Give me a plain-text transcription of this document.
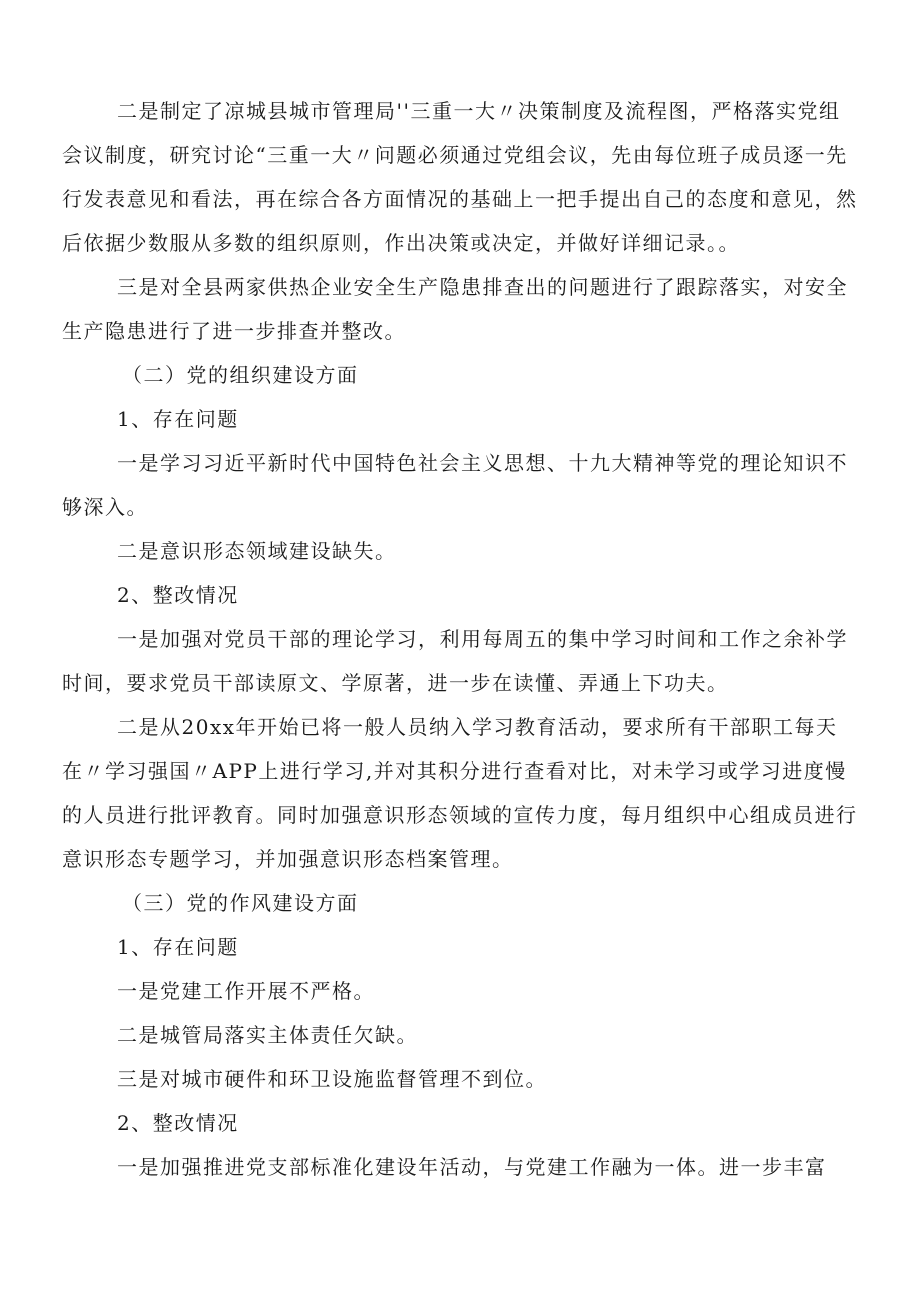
二是制定了凉城县城市管理局''三重一大〃决策制度及流程图，严格落实党组
会议制度，研究讨论“三重一大〃问题必须通过党组会议，先由每位班子成员逐一先
行发表意见和看法，再在综合各方面情况的基础上一把手提出自己的态度和意见，然
后依据少数服从多数的组织原则，作出决策或决定，并做好详细记录。。
三是对全县两家供热企业安全生产隐患排查出的问题进行了跟踪落实，对安全
生产隐患进行了进一步排查并整改。
（二）党的组织建设方面
1、存在问题
一是学习习近平新时代中国特色社会主义思想、十九大精神等党的理论知识不
够深入。
二是意识形态领域建设缺失。
2、整改情况
一是加强对党员干部的理论学习，利用每周五的集中学习时间和工作之余补学
时间，要求党员干部读原文、学原著，进一步在读懂、弄通上下功夫。
二是从20xx年开始已将一般人员纳入学习教育活动，要求所有干部职工每天
在〃学习强国〃APP上进行学习,并对其积分进行查看对比，对未学习或学习进度慢
的人员进行批评教育。同时加强意识形态领域的宣传力度，每月组织中心组成员进行
意识形态专题学习，并加强意识形态档案管理。
（三）党的作风建设方面
1、存在问题
一是党建工作开展不严格。
二是城管局落实主体责任欠缺。
三是对城市硬件和环卫设施监督管理不到位。
2、整改情况
一是加强推进党支部标准化建设年活动，与党建工作融为一体。进一步丰富
